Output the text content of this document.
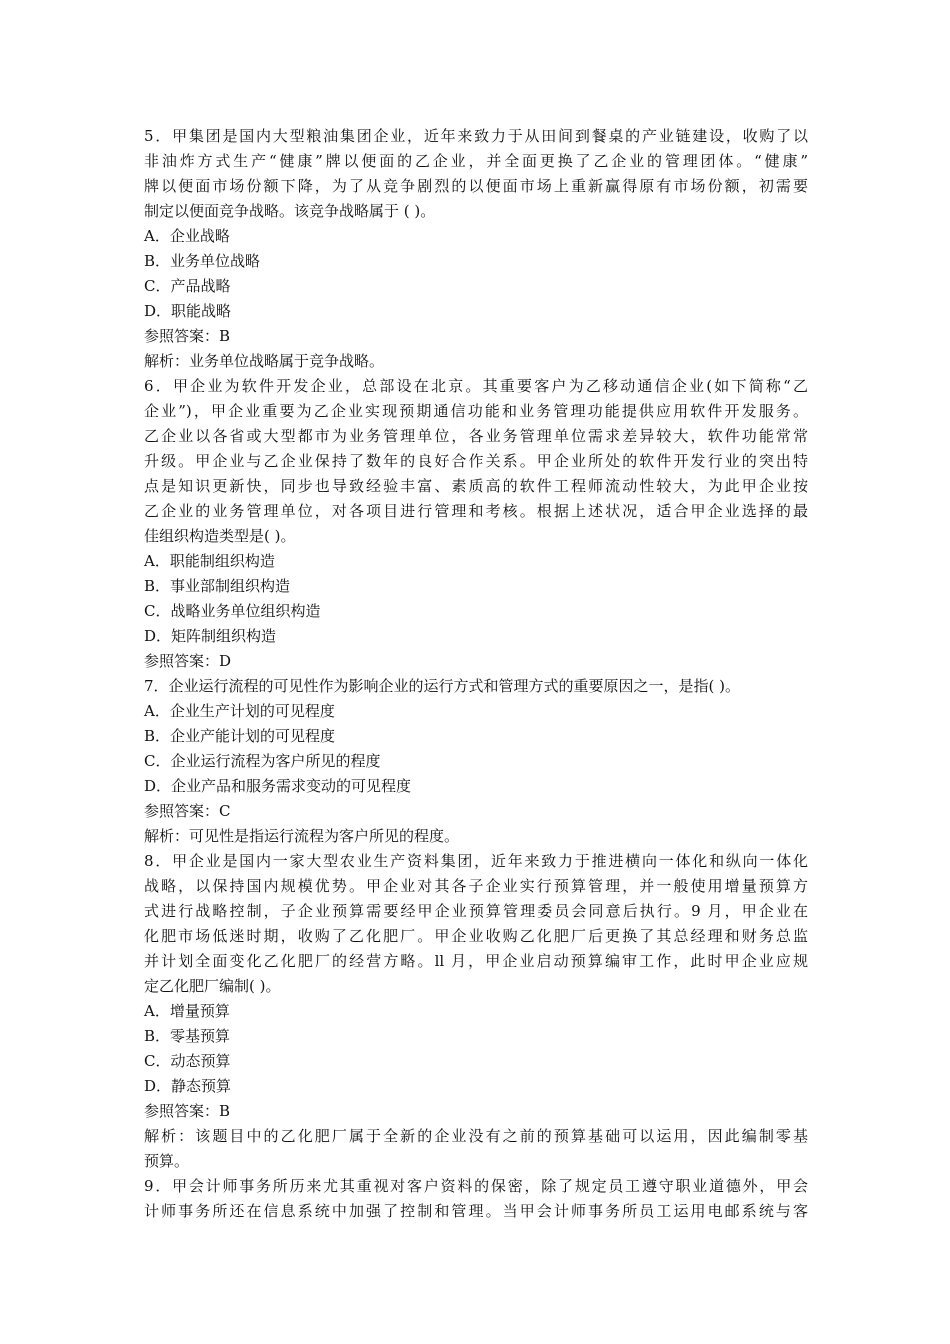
5．甲集团是国内大型粮油集团企业，近年来致力于从田间到餐桌的产业链建设，收购了以
非油炸方式生产“健康”牌以便面的乙企业，并全面更换了乙企业的管理团体。“健康”
牌以便面市场份额下降，为了从竞争剧烈的以便面市场上重新赢得原有市场份额，初需要
制定以便面竞争战略。该竞争战略属于 ( )。
A．企业战略
B．业务单位战略
C．产品战略
D．职能战略
参照答案：B
解析：业务单位战略属于竞争战略。
6．甲企业为软件开发企业，总部设在北京。其重要客户为乙移动通信企业(如下简称“乙
企业”)，甲企业重要为乙企业实现预期通信功能和业务管理功能提供应用软件开发服务。
乙企业以各省或大型都市为业务管理单位，各业务管理单位需求差异较大，软件功能常常
升级。甲企业与乙企业保持了数年的良好合作关系。甲企业所处的软件开发行业的突出特
点是知识更新快，同步也导致经验丰富、素质高的软件工程师流动性较大，为此甲企业按
乙企业的业务管理单位，对各项目进行管理和考核。根据上述状况，适合甲企业选择的最
佳组织构造类型是( )。
A．职能制组织构造
B．事业部制组织构造
C．战略业务单位组织构造
D．矩阵制组织构造
参照答案：D
7．企业运行流程的可见性作为影响企业的运行方式和管理方式的重要原因之一，是指( )。
A．企业生产计划的可见程度
B．企业产能计划的可见程度
C．企业运行流程为客户所见的程度
D．企业产品和服务需求变动的可见程度
参照答案：C
解析：可见性是指运行流程为客户所见的程度。
8．甲企业是国内一家大型农业生产资料集团，近年来致力于推进横向一体化和纵向一体化
战略，以保持国内规模优势。甲企业对其各子企业实行预算管理，并一般使用增量预算方
式进行战略控制，子企业预算需要经甲企业预算管理委员会同意后执行。9 月，甲企业在
化肥市场低迷时期，收购了乙化肥厂。甲企业收购乙化肥厂后更换了其总经理和财务总监
并计划全面变化乙化肥厂的经营方略。ll 月，甲企业启动预算编审工作，此时甲企业应规
定乙化肥厂编制( )。
A．增量预算
B．零基预算
C．动态预算
D．静态预算
参照答案：B
解析：该题目中的乙化肥厂属于全新的企业没有之前的预算基础可以运用，因此编制零基
预算。
9．甲会计师事务所历来尤其重视对客户资料的保密，除了规定员工遵守职业道德外，甲会
计师事务所还在信息系统中加强了控制和管理。当甲会计师事务所员工运用电邮系统与客
